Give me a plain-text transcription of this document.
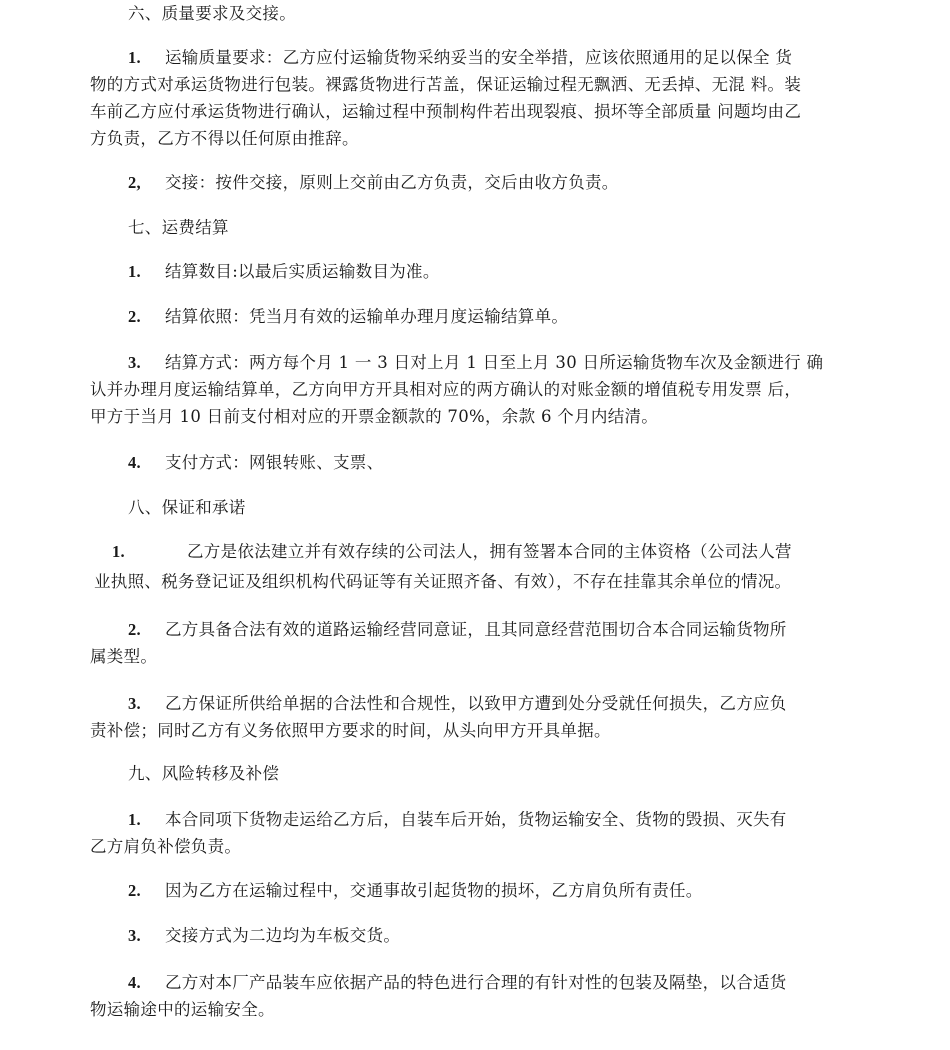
六、质量要求及交接。
1. 运输质量要求：乙方应付运输货物采纳妥当的安全举措，应该依照通用的足以保全 货
物的方式对承运货物进行包装。裸露货物进行苫盖，保证运输过程无飘洒、无丢掉、无混 料。装
车前乙方应付承运货物进行确认，运输过程中预制构件若出现裂痕、损坏等全部质量 问题均由乙
方负责，乙方不得以任何原由推辞。
2, 交接：按件交接，原则上交前由乙方负责，交后由收方负责。
七、运费结算
1. 结算数目:以最后实质运输数目为准。
2. 结算依照：凭当月有效的运输单办理月度运输结算单。
3. 结算方式：两方每个月 1 一 3 日对上月 1 日至上月 30 日所运输货物车次及金额进行 确
认并办理月度运输结算单，乙方向甲方开具相对应的两方确认的对账金额的增值税专用发票 后，
甲方于当月 10 日前支付相对应的开票金额款的 70%，余款 6 个月内结清。
4. 支付方式：网银转账、支票、
八、保证和承诺
1.	乙方是依法建立并有效存续的公司法人，拥有签署本合同的主体资格（公司法人营
业执照、税务登记证及组织机构代码证等有关证照齐备、有效），不存在挂靠其余单位的情况。
2. 乙方具备合法有效的道路运输经营同意证，且其同意经营范围切合本合同运输货物所
属类型。
3. 乙方保证所供给单据的合法性和合规性，以致甲方遭到处分受就任何损失，乙方应负
责补偿；同时乙方有义务依照甲方要求的时间，从头向甲方开具单据。
九、风险转移及补偿
1. 本合同项下货物走运给乙方后，自装车后开始，货物运输安全、货物的毁损、灭失有
乙方肩负补偿负责。
2. 因为乙方在运输过程中，交通事故引起货物的损坏，乙方肩负所有责任。
3. 交接方式为二边均为车板交货。
4. 乙方对本厂产品装车应依据产品的特色进行合理的有针对性的包装及隔垫，以合适货
物运输途中的运输安全。
